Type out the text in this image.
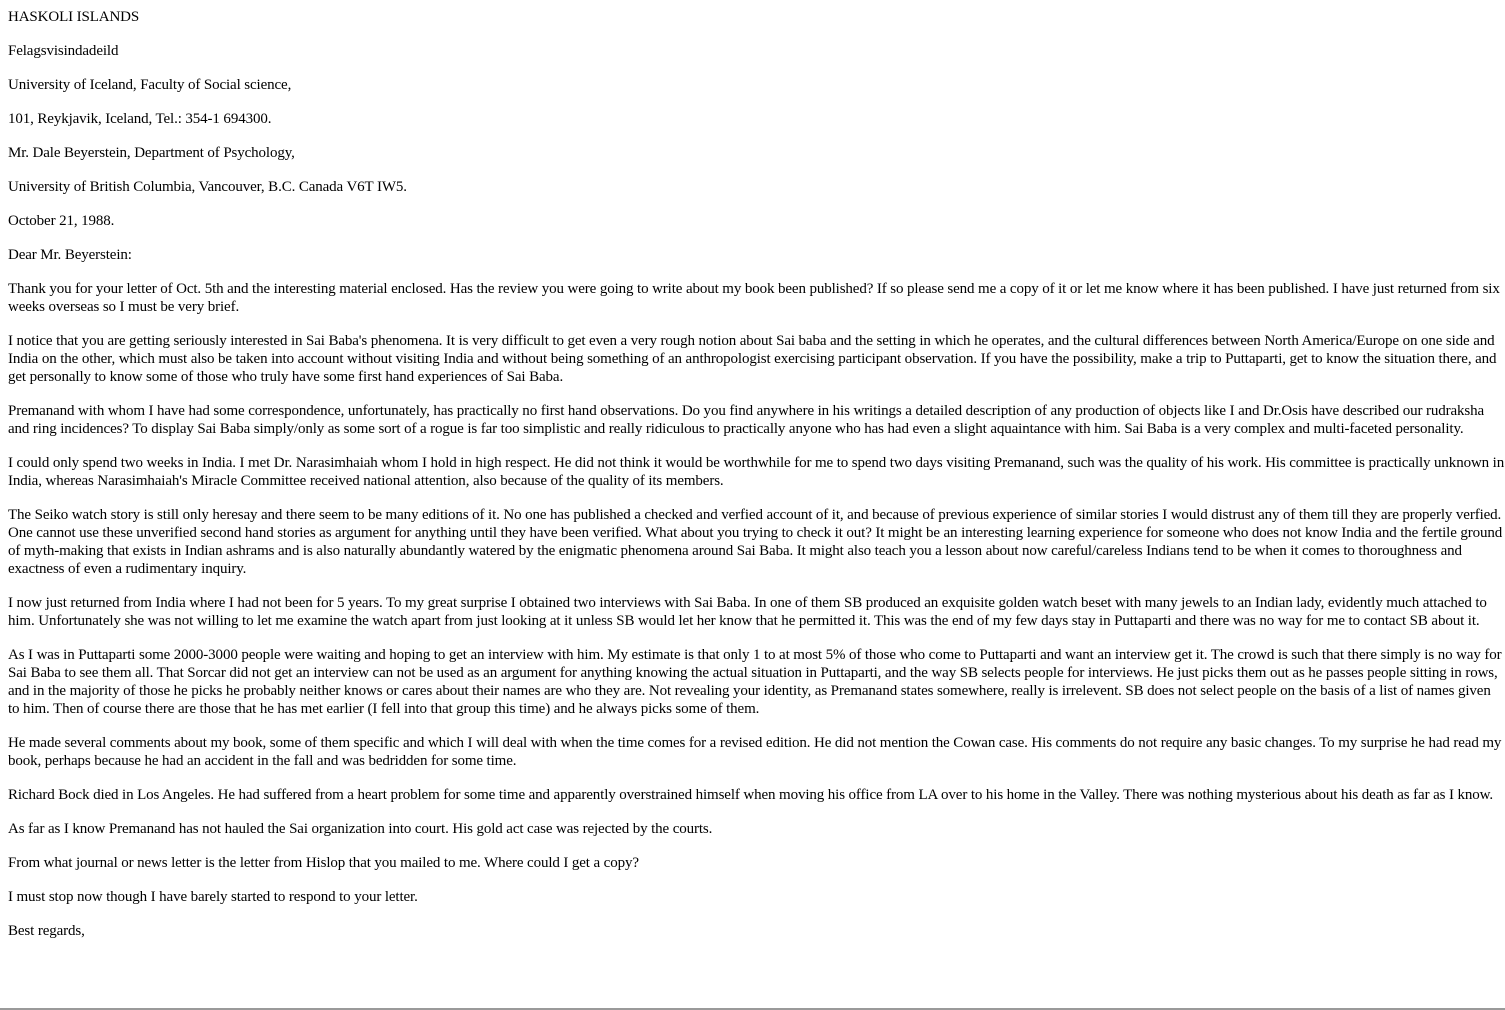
HASKOLI ISLANDS

Felagsvisindadeild

University of Iceland, Faculty of Social science,

101, Reykjavik, Iceland, Tel.: 354-1 694300.

Mr. Dale Beyerstein, Department of Psychology,

University of British Columbia, Vancouver, B.C. Canada V6T IW5.

October 21, 1988.

Dear Mr. Beyerstein:

Thank you for your letter of Oct. 5th and the interesting material enclosed. Has the review you were going to write about my book been published? If so please send me a copy of it or let me know where it has been published. I have just returned from six weeks overseas so I must be very brief.

I notice that you are getting seriously interested in Sai Baba's phenomena. It is very difficult to get even a very rough notion about Sai baba and the setting in which he operates, and the cultural differences between North America/Europe on one side and India on the other, which must also be taken into account without visiting India and without being something of an anthropologist exercising participant observation. If you have the possibility, make a trip to Puttaparti, get to know the situation there, and get personally to know some of those who truly have some first hand experiences of Sai Baba.

Premanand with whom I have had some correspondence, unfortunately, has practically no first hand observations. Do you find anywhere in his writings a detailed description of any production of objects like I and Dr.Osis have described our rudraksha and ring incidences? To display Sai Baba simply/only as some sort of a rogue is far too simplistic and really ridiculous to practically anyone who has had even a slight aquaintance with him. Sai Baba is a very complex and multi-faceted personality.

I could only spend two weeks in India. I met Dr. Narasimhaiah whom I hold in high respect. He did not think it would be worthwhile for me to spend two days visiting Premanand, such was the quality of his work. His committee is practically unknown in India, whereas Narasimhaiah's Miracle Committee received national attention, also because of the quality of its members.

The Seiko watch story is still only heresay and there seem to be many editions of it. No one has published a checked and verfied account of it, and because of previous experience of similar stories I would distrust any of them till they are properly verfied. One cannot use these unverified second hand stories as argument for anything until they have been verified. What about you trying to check it out? It might be an interesting learning experience for someone who does not know India and the fertile ground of myth-making that exists in Indian ashrams and is also naturally abundantly watered by the enigmatic phenomena around Sai Baba. It might also teach you a lesson about now careful/careless Indians tend to be when it comes to thoroughness and exactness of even a rudimentary inquiry.

I now just returned from India where I had not been for 5 years. To my great surprise I obtained two interviews with Sai Baba. In one of them SB produced an exquisite golden watch beset with many jewels to an Indian lady, evidently much attached to him. Unfortunately she was not willing to let me examine the watch apart from just looking at it unless SB would let her know that he permitted it. This was the end of my few days stay in Puttaparti and there was no way for me to contact SB about it.

As I was in Puttaparti some 2000-3000 people were waiting and hoping to get an interview with him. My estimate is that only 1 to at most 5% of those who come to Puttaparti and want an interview get it. The crowd is such that there simply is no way for Sai Baba to see them all. That Sorcar did not get an interview can not be used as an argument for anything knowing the actual situation in Puttaparti, and the way SB selects people for interviews. He just picks them out as he passes people sitting in rows, and in the majority of those he picks he probably neither knows or cares about their names are who they are. Not revealing your identity, as Premanand states somewhere, really is irrelevent. SB does not select people on the basis of a list of names given to him. Then of course there are those that he has met earlier (I fell into that group this time) and he always picks some of them.

He made several comments about my book, some of them specific and which I will deal with when the time comes for a revised edition. He did not mention the Cowan case. His comments do not require any basic changes. To my surprise he had read my book, perhaps because he had an accident in the fall and was bedridden for some time.

Richard Bock died in Los Angeles. He had suffered from a heart problem for some time and apparently overstrained himself when moving his office from LA over to his home in the Valley. There was nothing mysterious about his death as far as I know.

As far as I know Premanand has not hauled the Sai organization into court. His gold act case was rejected by the courts.

From what journal or news letter is the letter from Hislop that you mailed to me. Where could I get a copy?

I must stop now though I have barely started to respond to your letter.

Best regards,
